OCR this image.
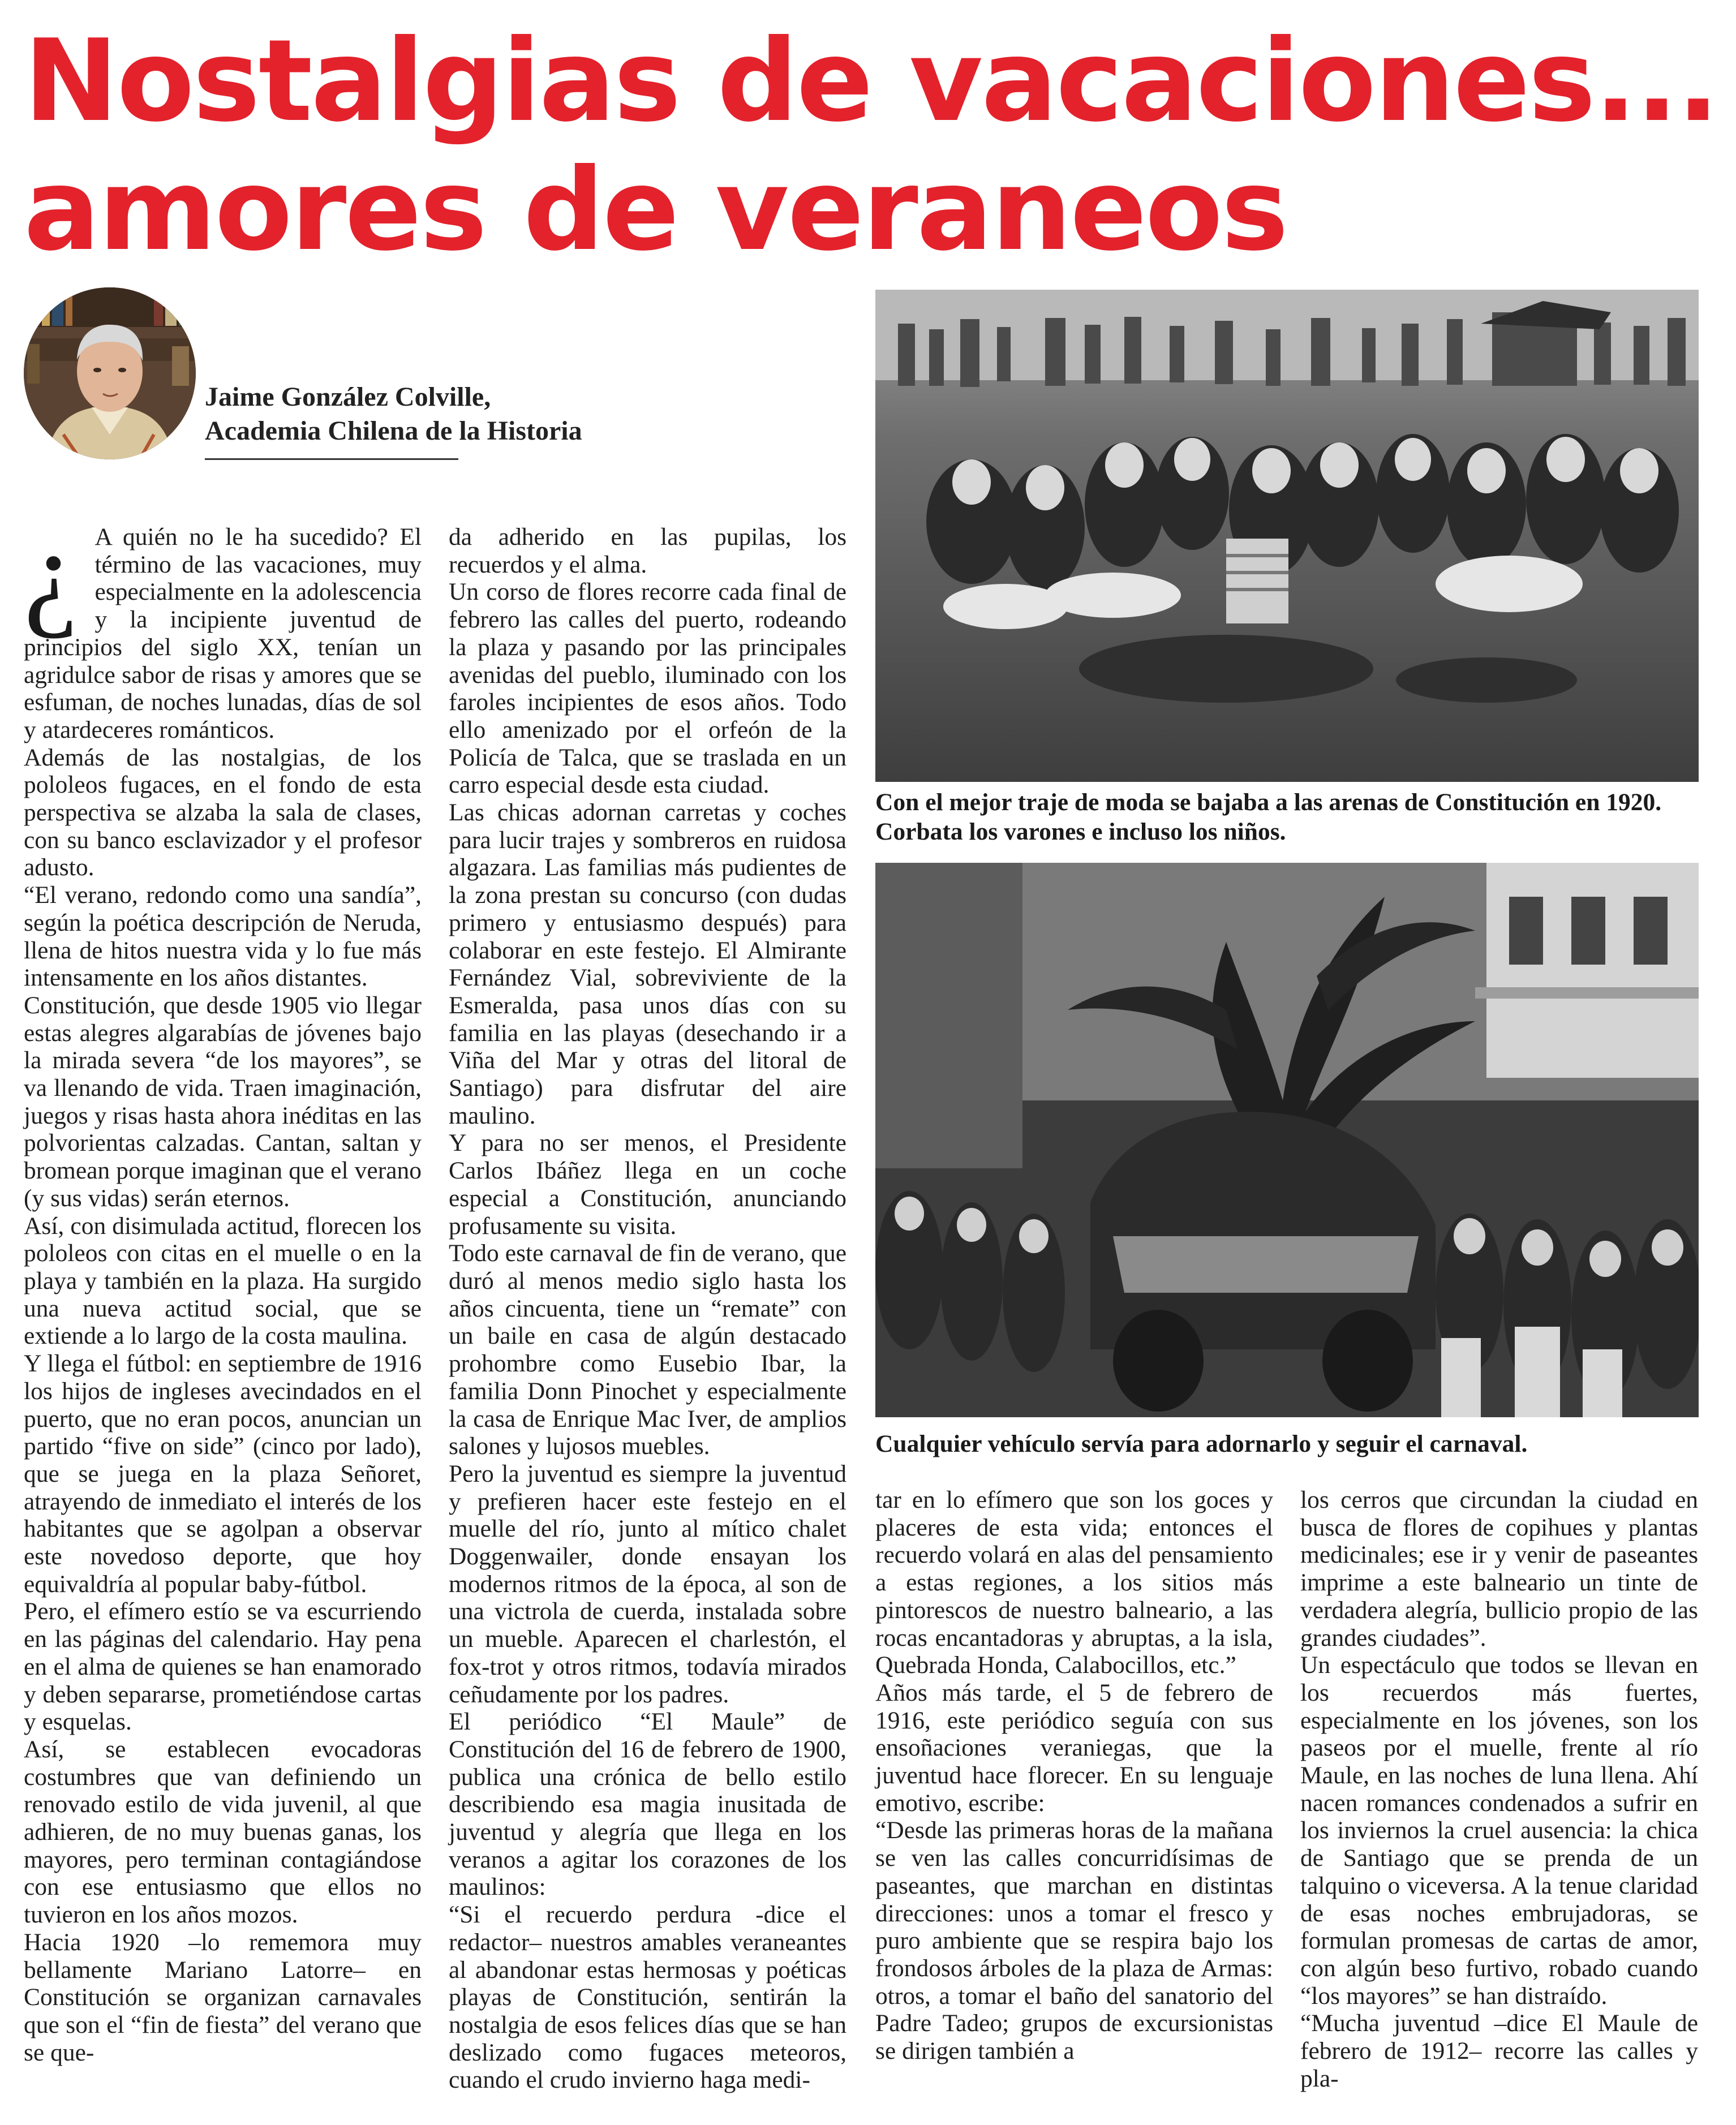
Nostalgias de vacaciones...
amores de veraneos
Jaime González Colville,
Academia Chilena de la Historia

¿ A quién no le ha sucedido? El término de las vacaciones, muy especialmente en la adolescencia y la incipiente juventud de principios del siglo XX, tenían un agridulce sabor de risas y amores que se esfuman, de noches lunadas, días de sol y atardeceres románticos.

Además de las nostalgias, de los pololeos fugaces, en el fondo de esta perspectiva se alzaba la sala de clases, con su banco esclavizador y el profesor adusto.

“El verano, redondo como una sandía”, según la poética descripción de Neruda, llena de hitos nuestra vida y lo fue más intensamente en los años distantes.

Constitución, que desde 1905 vio llegar estas alegres algarabías de jóvenes bajo la mirada severa “de los mayores”, se va llenando de vida. Traen imaginación, juegos y risas hasta ahora inéditas en las polvorientas calzadas. Cantan, saltan y bromean porque imaginan que el verano (y sus vidas) serán eternos.

Así, con disimulada actitud, florecen los pololeos con citas en el muelle o en la playa y también en la plaza. Ha surgido una nueva actitud social, que se extiende a lo largo de la costa maulina.

Y llega el fútbol: en septiembre de 1916 los hijos de ingleses avecindados en el puerto, que no eran pocos, anuncian un partido “five on side” (cinco por lado), que se juega en la plaza Señoret, atrayendo de inmediato el interés de los habitantes que se agolpan a observar este novedoso deporte, que hoy equivaldría al popular baby-fútbol.

Pero, el efímero estío se va escurriendo en las páginas del calendario. Hay pena en el alma de quienes se han enamorado y deben separarse, prometiéndose cartas y esquelas.

Así, se establecen evocadoras costumbres que van definiendo un renovado estilo de vida juvenil, al que adhieren, de no muy buenas ganas, los mayores, pero terminan contagiándose con ese entusiasmo que ellos no tuvieron en los años mozos.

Hacia 1920 –lo rememora muy bellamente Mariano Latorre– en Constitución se organizan carnavales que son el “fin de fiesta” del verano que se que-

da adherido en las pupilas, los recuerdos y el alma.

Un corso de flores recorre cada final de febrero las calles del puerto, rodeando la plaza y pasando por las principales avenidas del pueblo, iluminado con los faroles incipientes de esos años. Todo ello amenizado por el orfeón de la Policía de Talca, que se traslada en un carro especial desde esta ciudad.

Las chicas adornan carretas y coches para lucir trajes y sombreros en ruidosa algazara. Las familias más pudientes de la zona prestan su concurso (con dudas primero y entusiasmo después) para colaborar en este festejo. El Almirante Fernández Vial, sobreviviente de la Esmeralda, pasa unos días con su familia en las playas (desechando ir a Viña del Mar y otras del litoral de Santiago) para disfrutar del aire maulino.

Y para no ser menos, el Presidente Carlos Ibáñez llega en un coche especial a Constitución, anunciando profusamente su visita.

Todo este carnaval de fin de verano, que duró al menos medio siglo hasta los años cincuenta, tiene un “remate” con un baile en casa de algún destacado prohombre como Eusebio Ibar, la familia Donn Pinochet y especialmente la casa de Enrique Mac Iver, de amplios salones y lujosos muebles.

Pero la juventud es siempre la juventud y prefieren hacer este festejo en el muelle del río, junto al mítico chalet Doggenwailer, donde ensayan los modernos ritmos de la época, al son de una victrola de cuerda, instalada sobre un mueble. Aparecen el charlestón, el fox-trot y otros ritmos, todavía mirados ceñudamente por los padres.

El periódico “El Maule” de Constitución del 16 de febrero de 1900, publica una crónica de bello estilo describiendo esa magia inusitada de juventud y alegría que llega en los veranos a agitar los corazones de los maulinos:

“Si el recuerdo perdura -dice el redactor– nuestros amables veraneantes al abandonar estas hermosas y poéticas playas de Constitución, sentirán la nostalgia de esos felices días que se han deslizado como fugaces meteoros, cuando el crudo invierno haga medi-

Con el mejor traje de moda se bajaba a las arenas de Constitución en 1920. Corbata los varones e incluso los niños.
Cualquier vehículo servía para adornarlo y seguir el carnaval.

tar en lo efímero que son los goces y placeres de esta vida; entonces el recuerdo volará en alas del pensamiento a estas regiones, a los sitios más pintorescos de nuestro balneario, a las rocas encantadoras y abruptas, a la isla, Quebrada Honda, Calabocillos, etc.”

Años más tarde, el 5 de febrero de 1916, este periódico seguía con sus ensoñaciones veraniegas, que la juventud hace florecer. En su lenguaje emotivo, escribe:

“Desde las primeras horas de la mañana se ven las calles concurridísimas de paseantes, que marchan en distintas direcciones: unos a tomar el fresco y puro ambiente que se respira bajo los frondosos árboles de la plaza de Armas: otros, a tomar el baño del sanatorio del Padre Tadeo; grupos de excursionistas se dirigen también a

los cerros que circundan la ciudad en busca de flores de copihues y plantas medicinales; ese ir y venir de paseantes imprime a este balneario un tinte de verdadera alegría, bullicio propio de las grandes ciudades”.

Un espectáculo que todos se llevan en los recuerdos más fuertes, especialmente en los jóvenes, son los paseos por el muelle, frente al río Maule, en las noches de luna llena. Ahí nacen romances condenados a sufrir en los inviernos la cruel ausencia: la chica de Santiago que se prenda de un talquino o viceversa. A la tenue claridad de esas noches embrujadoras, se formulan promesas de cartas de amor, con algún beso furtivo, robado cuando “los mayores” se han distraído.

“Mucha juventud –dice El Maule de febrero de 1912– recorre las calles y pla-
